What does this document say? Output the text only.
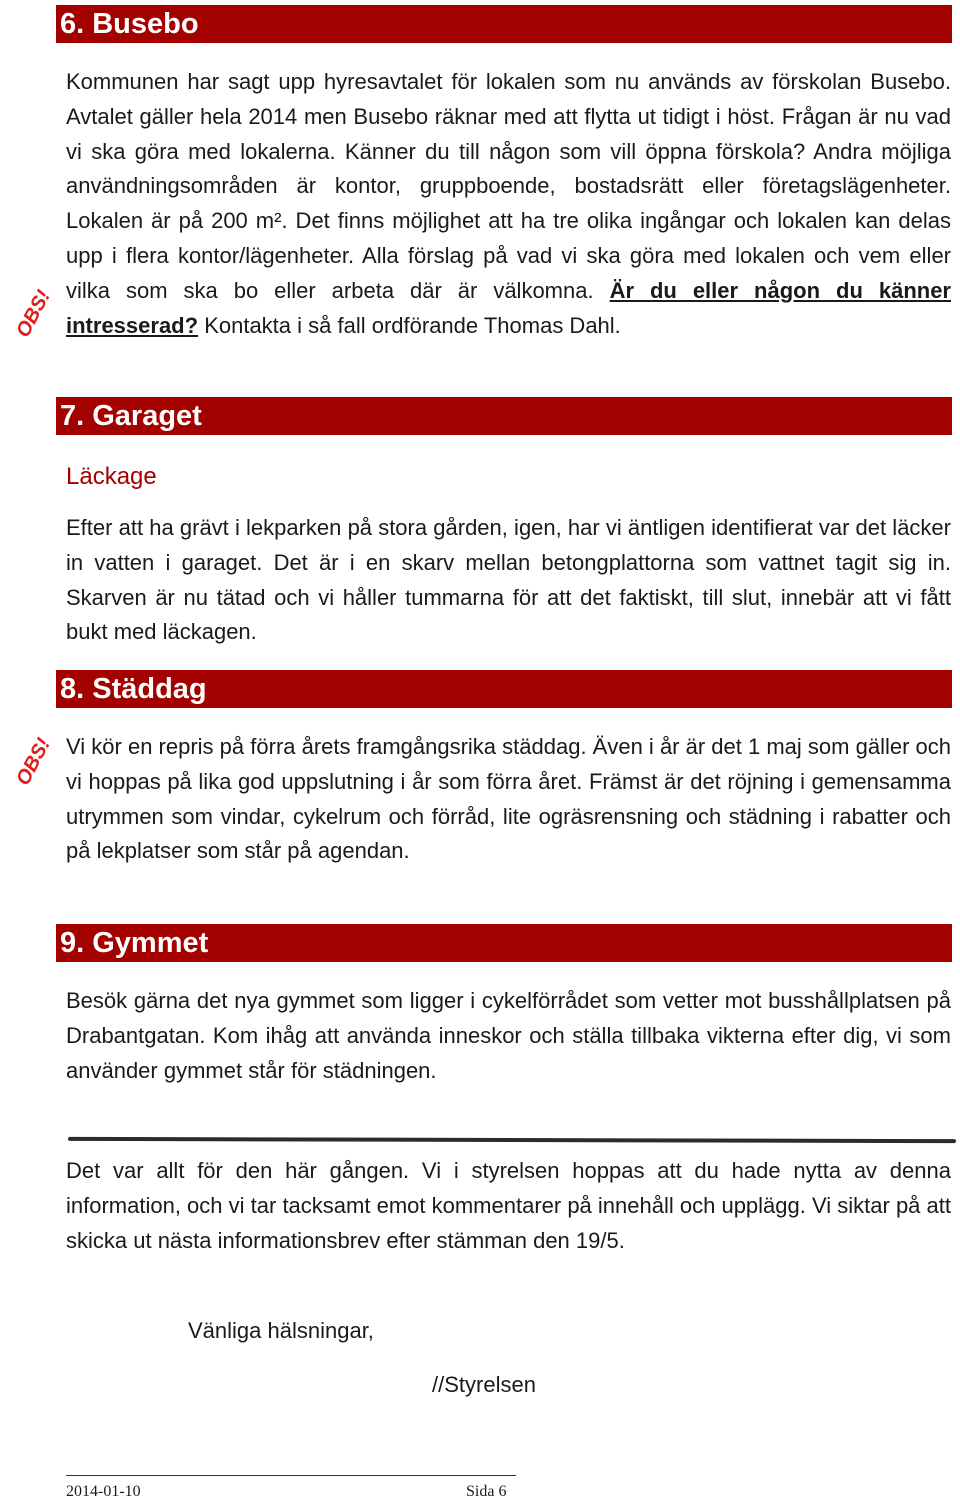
6. Busebo

Kommunen har sagt upp hyresavtalet för lokalen som nu används av förskolan Busebo. Avtalet gäller hela 2014 men Busebo räknar med att flytta ut tidigt i höst. Frågan är nu vad vi ska göra med lokalerna. Känner du till någon som vill öppna förskola? Andra möjliga användningsområden är kontor, gruppboende, bostadsrätt eller företagslägenheter. Lokalen är på 200 m². Det finns möjlighet att ha tre olika ingångar och lokalen kan delas upp i flera kontor/lägenheter. Alla förslag på vad vi ska göra med lokalen och vem eller vilka som ska bo eller arbeta där är välkomna. Är du eller någon du känner intresserad? Kontakta i så fall ordförande Thomas Dahl.

OBS!
7. Garaget
Läckage

Efter att ha grävt i lekparken på stora gården, igen, har vi äntligen identifierat var det läcker in vatten i garaget. Det är i en skarv mellan betongplattorna som vattnet tagit sig in. Skarven är nu tätad och vi håller tummarna för att det faktiskt, till slut, innebär att vi fått bukt med läckagen.

8. Städdag
OBS! Vi kör en repris på förra årets framgångsrika städdag. Även i år är det 1 maj som gäller och vi hoppas på lika god uppslutning i år som förra året. Främst är det röjning i gemensamma utrymmen som vindar, cykelrum och förråd, lite ogräsrensning och städning i rabatter och på lekplatser som står på agendan.

9. Gymmet

Besök gärna det nya gymmet som ligger i cykelförrådet som vetter mot busshållplatsen på Drabantgatan. Kom ihåg att använda inneskor och ställa tillbaka vikterna efter dig, vi som använder gymmet står för städningen.

Det var allt för den här gången. Vi i styrelsen hoppas att du hade nytta av denna information, och vi tar tacksamt emot kommentarer på innehåll och upplägg. Vi siktar på att skicka ut nästa informationsbrev efter stämman den 19/5.

Vänliga hälsningar,
//Styrelsen
2014-01-10	Sida 6
